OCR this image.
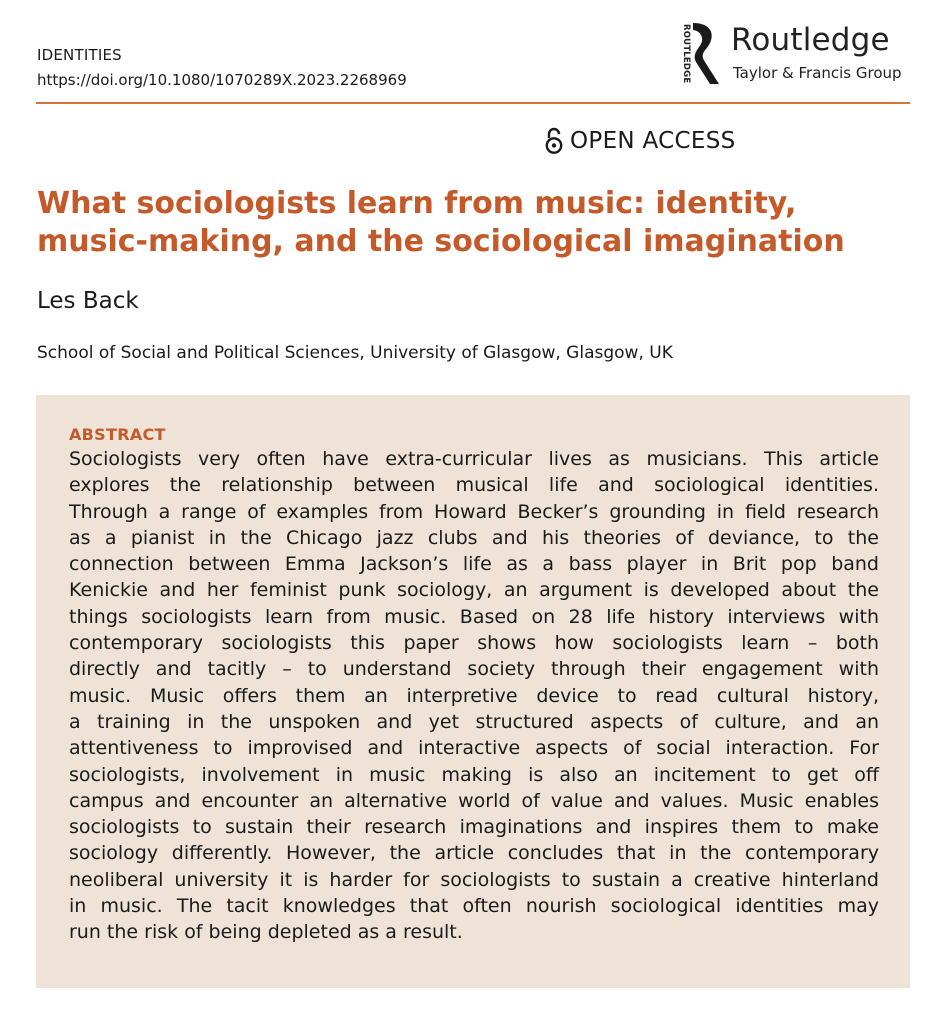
IDENTITIES
https://doi.org/10.1080/1070289X.2023.2268969	ROUTLEDGE Routledge
Taylor & Francis Group
OPEN ACCESS
What sociologists learn from music: identity,
music-making, and the sociological imagination
Les Back
School of Social and Political Sciences, University of Glasgow, Glasgow, UK
ABSTRACT
Sociologists very often have extra-curricular lives as musicians. This article
explores the relationship between musical life and sociological identities.
Through a range of examples from Howard Becker’s grounding in field research
as a pianist in the Chicago jazz clubs and his theories of deviance, to the
connection between Emma Jackson’s life as a bass player in Brit pop band
Kenickie and her feminist punk sociology, an argument is developed about the
things sociologists learn from music. Based on 28 life history interviews with
contemporary sociologists this paper shows how sociologists learn – both
directly and tacitly – to understand society through their engagement with
music. Music offers them an interpretive device to read cultural history,
a training in the unspoken and yet structured aspects of culture, and an
attentiveness to improvised and interactive aspects of social interaction. For
sociologists, involvement in music making is also an incitement to get off
campus and encounter an alternative world of value and values. Music enables
sociologists to sustain their research imaginations and inspires them to make
sociology differently. However, the article concludes that in the contemporary
neoliberal university it is harder for sociologists to sustain a creative hinterland
in music. The tacit knowledges that often nourish sociological identities may
run the risk of being depleted as a result.
